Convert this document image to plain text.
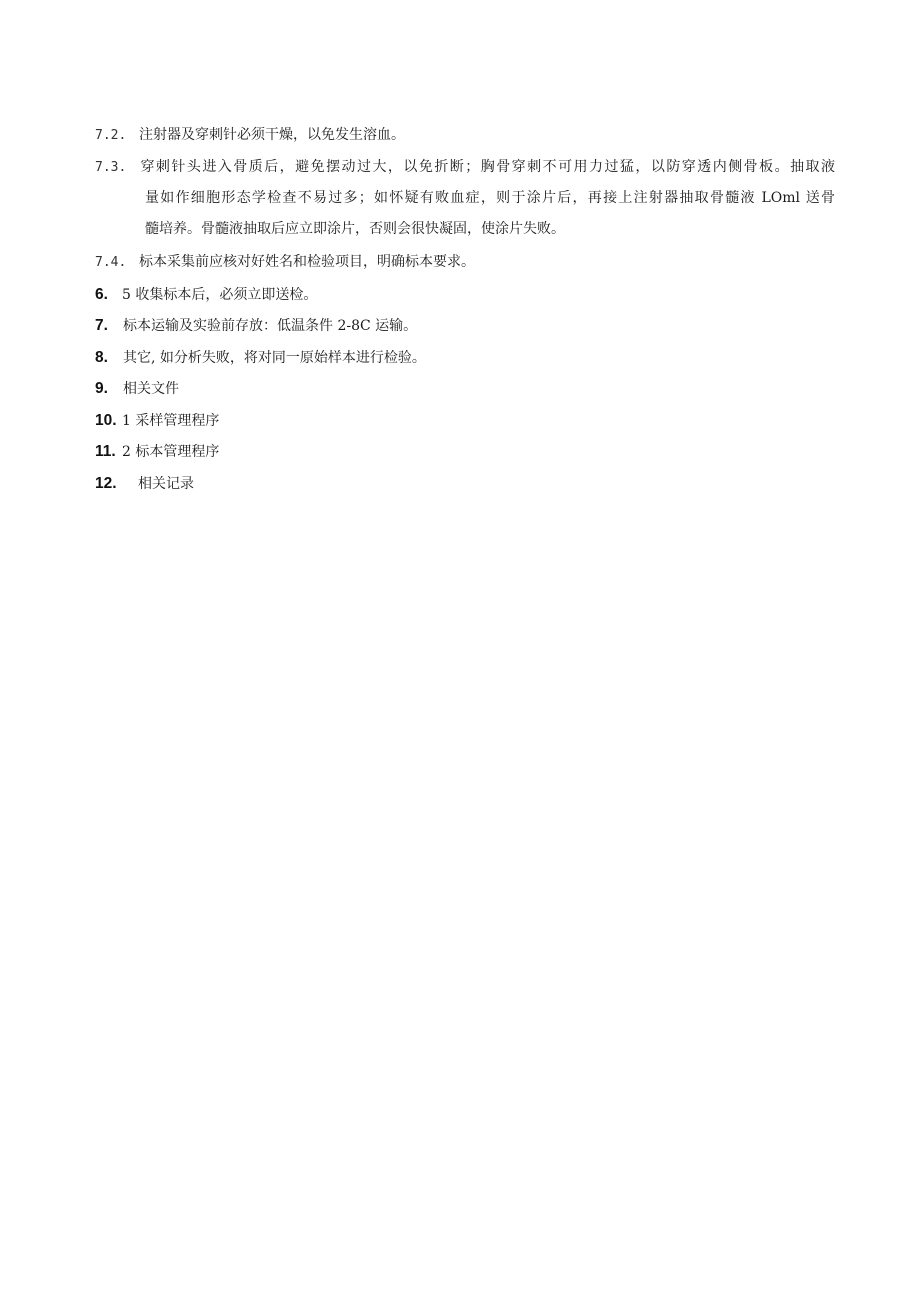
7.2. 注射器及穿刺针必须干燥，以免发生溶血。
7.3. 穿刺针头进入骨质后，避免摆动过大，以免折断；胸骨穿刺不可用力过猛，以防穿透内侧骨板。抽取液
量如作细胞形态学检查不易过多；如怀疑有败血症，则于涂片后，再接上注射器抽取骨髓液 LOml 送骨
髓培养。骨髓液抽取后应立即涂片，否则会很快凝固，使涂片失败。
7.4. 标本采集前应核对好姓名和检验项目，明确标本要求。
6. 5 收集标本后，必须立即送检。
7. 标本运输及实验前存放：低温条件 2-8C 运输。
8. 其它, 如分析失败，将对同一原始样本进行检验。
9. 相关文件
10. 1 采样管理程序
11. 2 标本管理程序
12. 相关记录
